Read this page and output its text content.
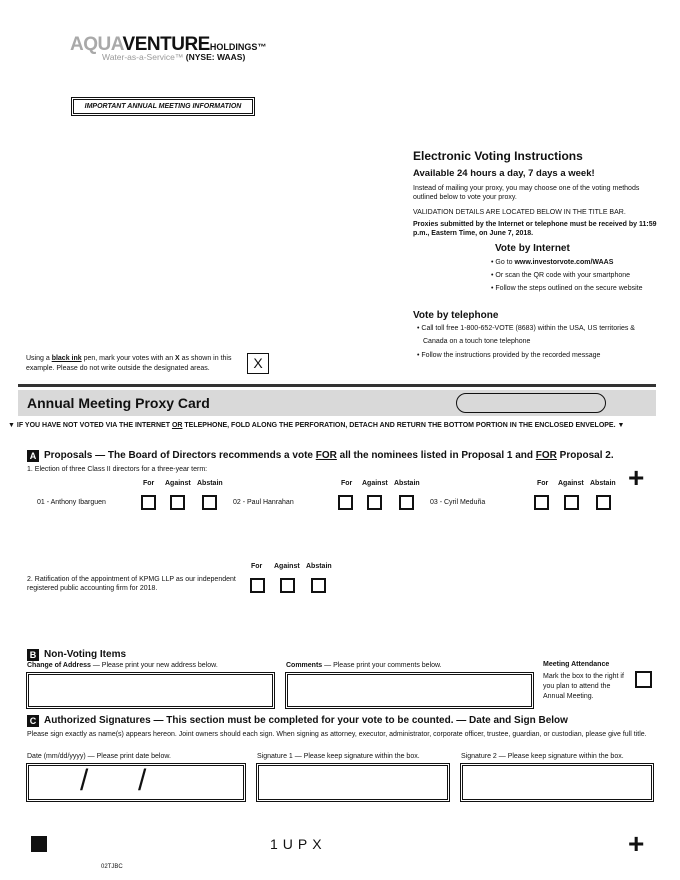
AQUAVENTUREHOLDINGS™
Water-as-a-Service™ (NYSE: WAAS)
IMPORTANT ANNUAL MEETING INFORMATION
Electronic Voting Instructions
Available 24 hours a day, 7 days a week!
Instead of mailing your proxy, you may choose one of the voting methods outlined below to vote your proxy.
VALIDATION DETAILS ARE LOCATED BELOW IN THE TITLE BAR.
Proxies submitted by the Internet or telephone must be received by 11:59 p.m., Eastern Time, on June 7, 2018.
Vote by Internet
• Go to www.investorvote.com/WAAS
• Or scan the QR code with your smartphone
• Follow the steps outlined on the secure website
Vote by telephone
• Call toll free 1-800-652-VOTE (8683) within the USA, US territories &
Canada on a touch tone telephone
• Follow the instructions provided by the recorded message
Using a black ink pen, mark your votes with an X as shown in this example. Please do not write outside the designated areas.	X
Annual Meeting Proxy Card
▼ IF YOU HAVE NOT VOTED VIA THE INTERNET OR TELEPHONE, FOLD ALONG THE PERFORATION, DETACH AND RETURN THE BOTTOM PORTION IN THE ENCLOSED ENVELOPE. ▼
A Proposals — The Board of Directors recommends a vote FOR all the nominees listed in Proposal 1 and FOR Proposal 2.
1. Election of three Class II directors for a three-year term:
For Against Abstain	For Against Abstain	For Against Abstain +
01 - Anthony Ibarguen	02 - Paul Hanrahan	03 - Cyril Meduña
For Against Abstain
2. Ratification of the appointment of KPMG LLP as our independent registered public accounting firm for 2018.
B Non-Voting Items
Change of Address — Please print your new address below.	Comments — Please print your comments below.	Meeting Attendance
Mark the box to the right if you plan to attend the Annual Meeting.
C Authorized Signatures — This section must be completed for your vote to be counted. — Date and Sign Below
Please sign exactly as name(s) appears hereon. Joint owners should each sign. When signing as attorney, executor, administrator, corporate officer, trustee, guardian, or custodian, please give full title.
Date (mm/dd/yyyy) — Please print date below.
/ /
Signature 1 — Please keep signature within the box.	Signature 2 — Please keep signature within the box.
1UPX	+
02TJBC
